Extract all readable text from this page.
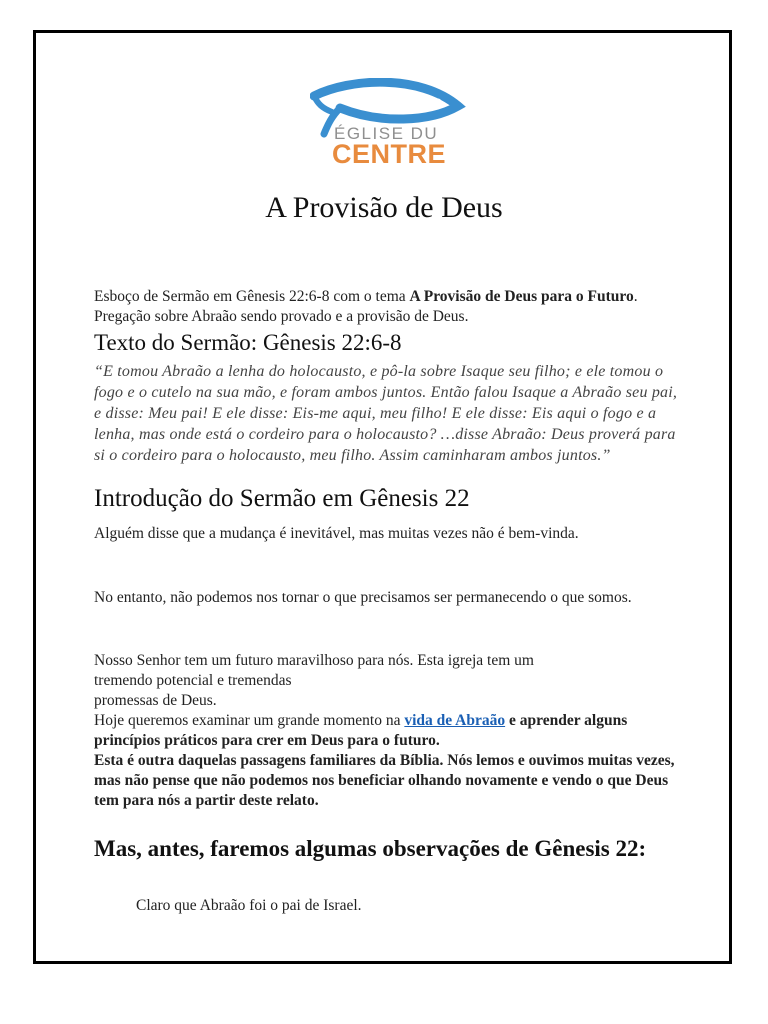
ÉGLISE DU
CENTRE
A Provisão de Deus

Esboço de Sermão em Gênesis 22:6-8 com o tema A Provisão de Deus para o Futuro. Pregação sobre Abraão sendo provado e a provisão de Deus.

Texto do Sermão: Gênesis 22:6-8

“E tomou Abraão a lenha do holocausto, e pô-la sobre Isaque seu filho; e ele tomou o fogo e o cutelo na sua mão, e foram ambos juntos. Então falou Isaque a Abraão seu pai, e disse: Meu pai! E ele disse: Eis-me aqui, meu filho! E ele disse: Eis aqui o fogo e a lenha, mas onde está o cordeiro para o holocausto? …disse Abraão: Deus proverá para si o cordeiro para o holocausto, meu filho. Assim caminharam ambos juntos.”

Introdução do Sermão em Gênesis 22

Alguém disse que a mudança é inevitável, mas muitas vezes não é bem-vinda.

No entanto, não podemos nos tornar o que precisamos ser permanecendo o que somos.

Nosso Senhor tem um futuro maravilhoso para nós. Esta igreja tem um
tremendo potencial e tremendas
promessas de Deus.
Hoje queremos examinar um grande momento na vida de Abraão e aprender alguns princípios práticos para crer em Deus para o futuro.
Esta é outra daquelas passagens familiares da Bíblia. Nós lemos e ouvimos muitas vezes, mas não pense que não podemos nos beneficiar olhando novamente e vendo o que Deus tem para nós a partir deste relato.
Mas, antes, faremos algumas observações de Gênesis 22:

Claro que Abraão foi o pai de Israel.
